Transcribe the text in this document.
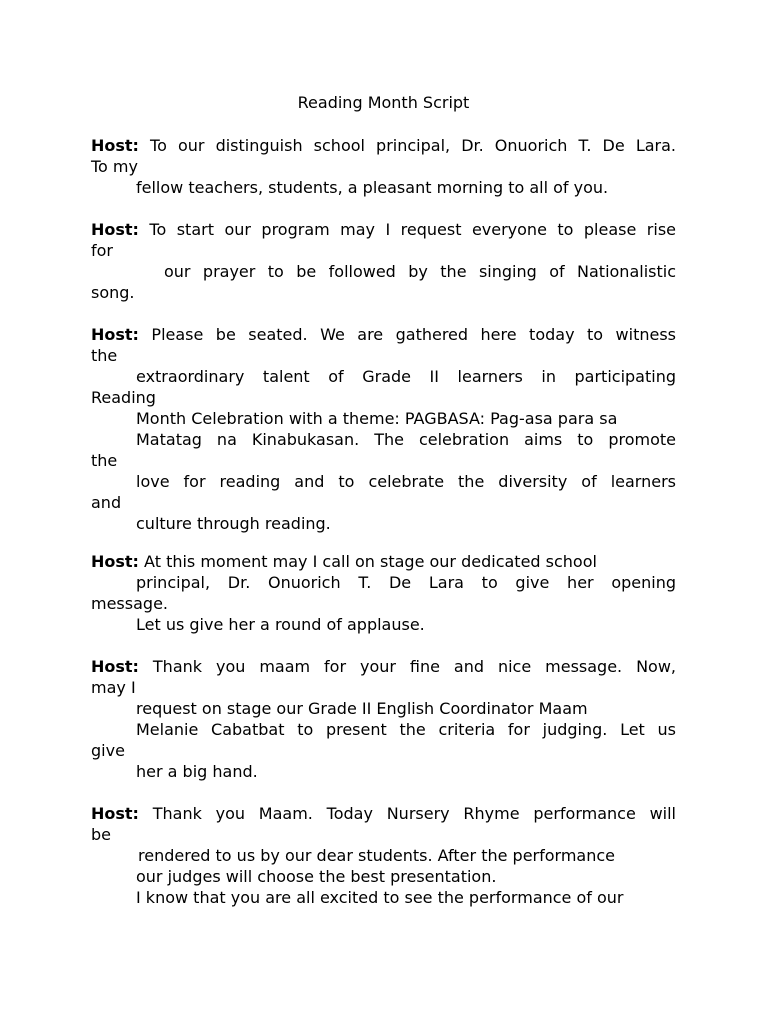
Reading Month Script
Host: To our distinguish school principal, Dr. Onuorich T. De Lara.
To my
fellow teachers, students, a pleasant morning to all of you.
Host: To start our program may I request everyone to please rise
for
our prayer to be followed by the singing of Nationalistic
song.
Host: Please be seated. We are gathered here today to witness
the
extraordinary talent of Grade II learners in participating
Reading
Month Celebration with a theme: PAGBASA: Pag-asa para sa
Matatag na Kinabukasan. The celebration aims to promote
the
love for reading and to celebrate the diversity of learners
and
culture through reading.
Host: At this moment may I call on stage our dedicated school
principal, Dr. Onuorich T. De Lara to give her opening
message.
Let us give her a round of applause.
Host: Thank you maam for your fine and nice message. Now,
may I
request on stage our Grade II English Coordinator Maam
Melanie Cabatbat to present the criteria for judging. Let us
give
her a big hand.
Host: Thank you Maam. Today Nursery Rhyme performance will
be
rendered to us by our dear students. After the performance
our judges will choose the best presentation.
I know that you are all excited to see the performance of our
